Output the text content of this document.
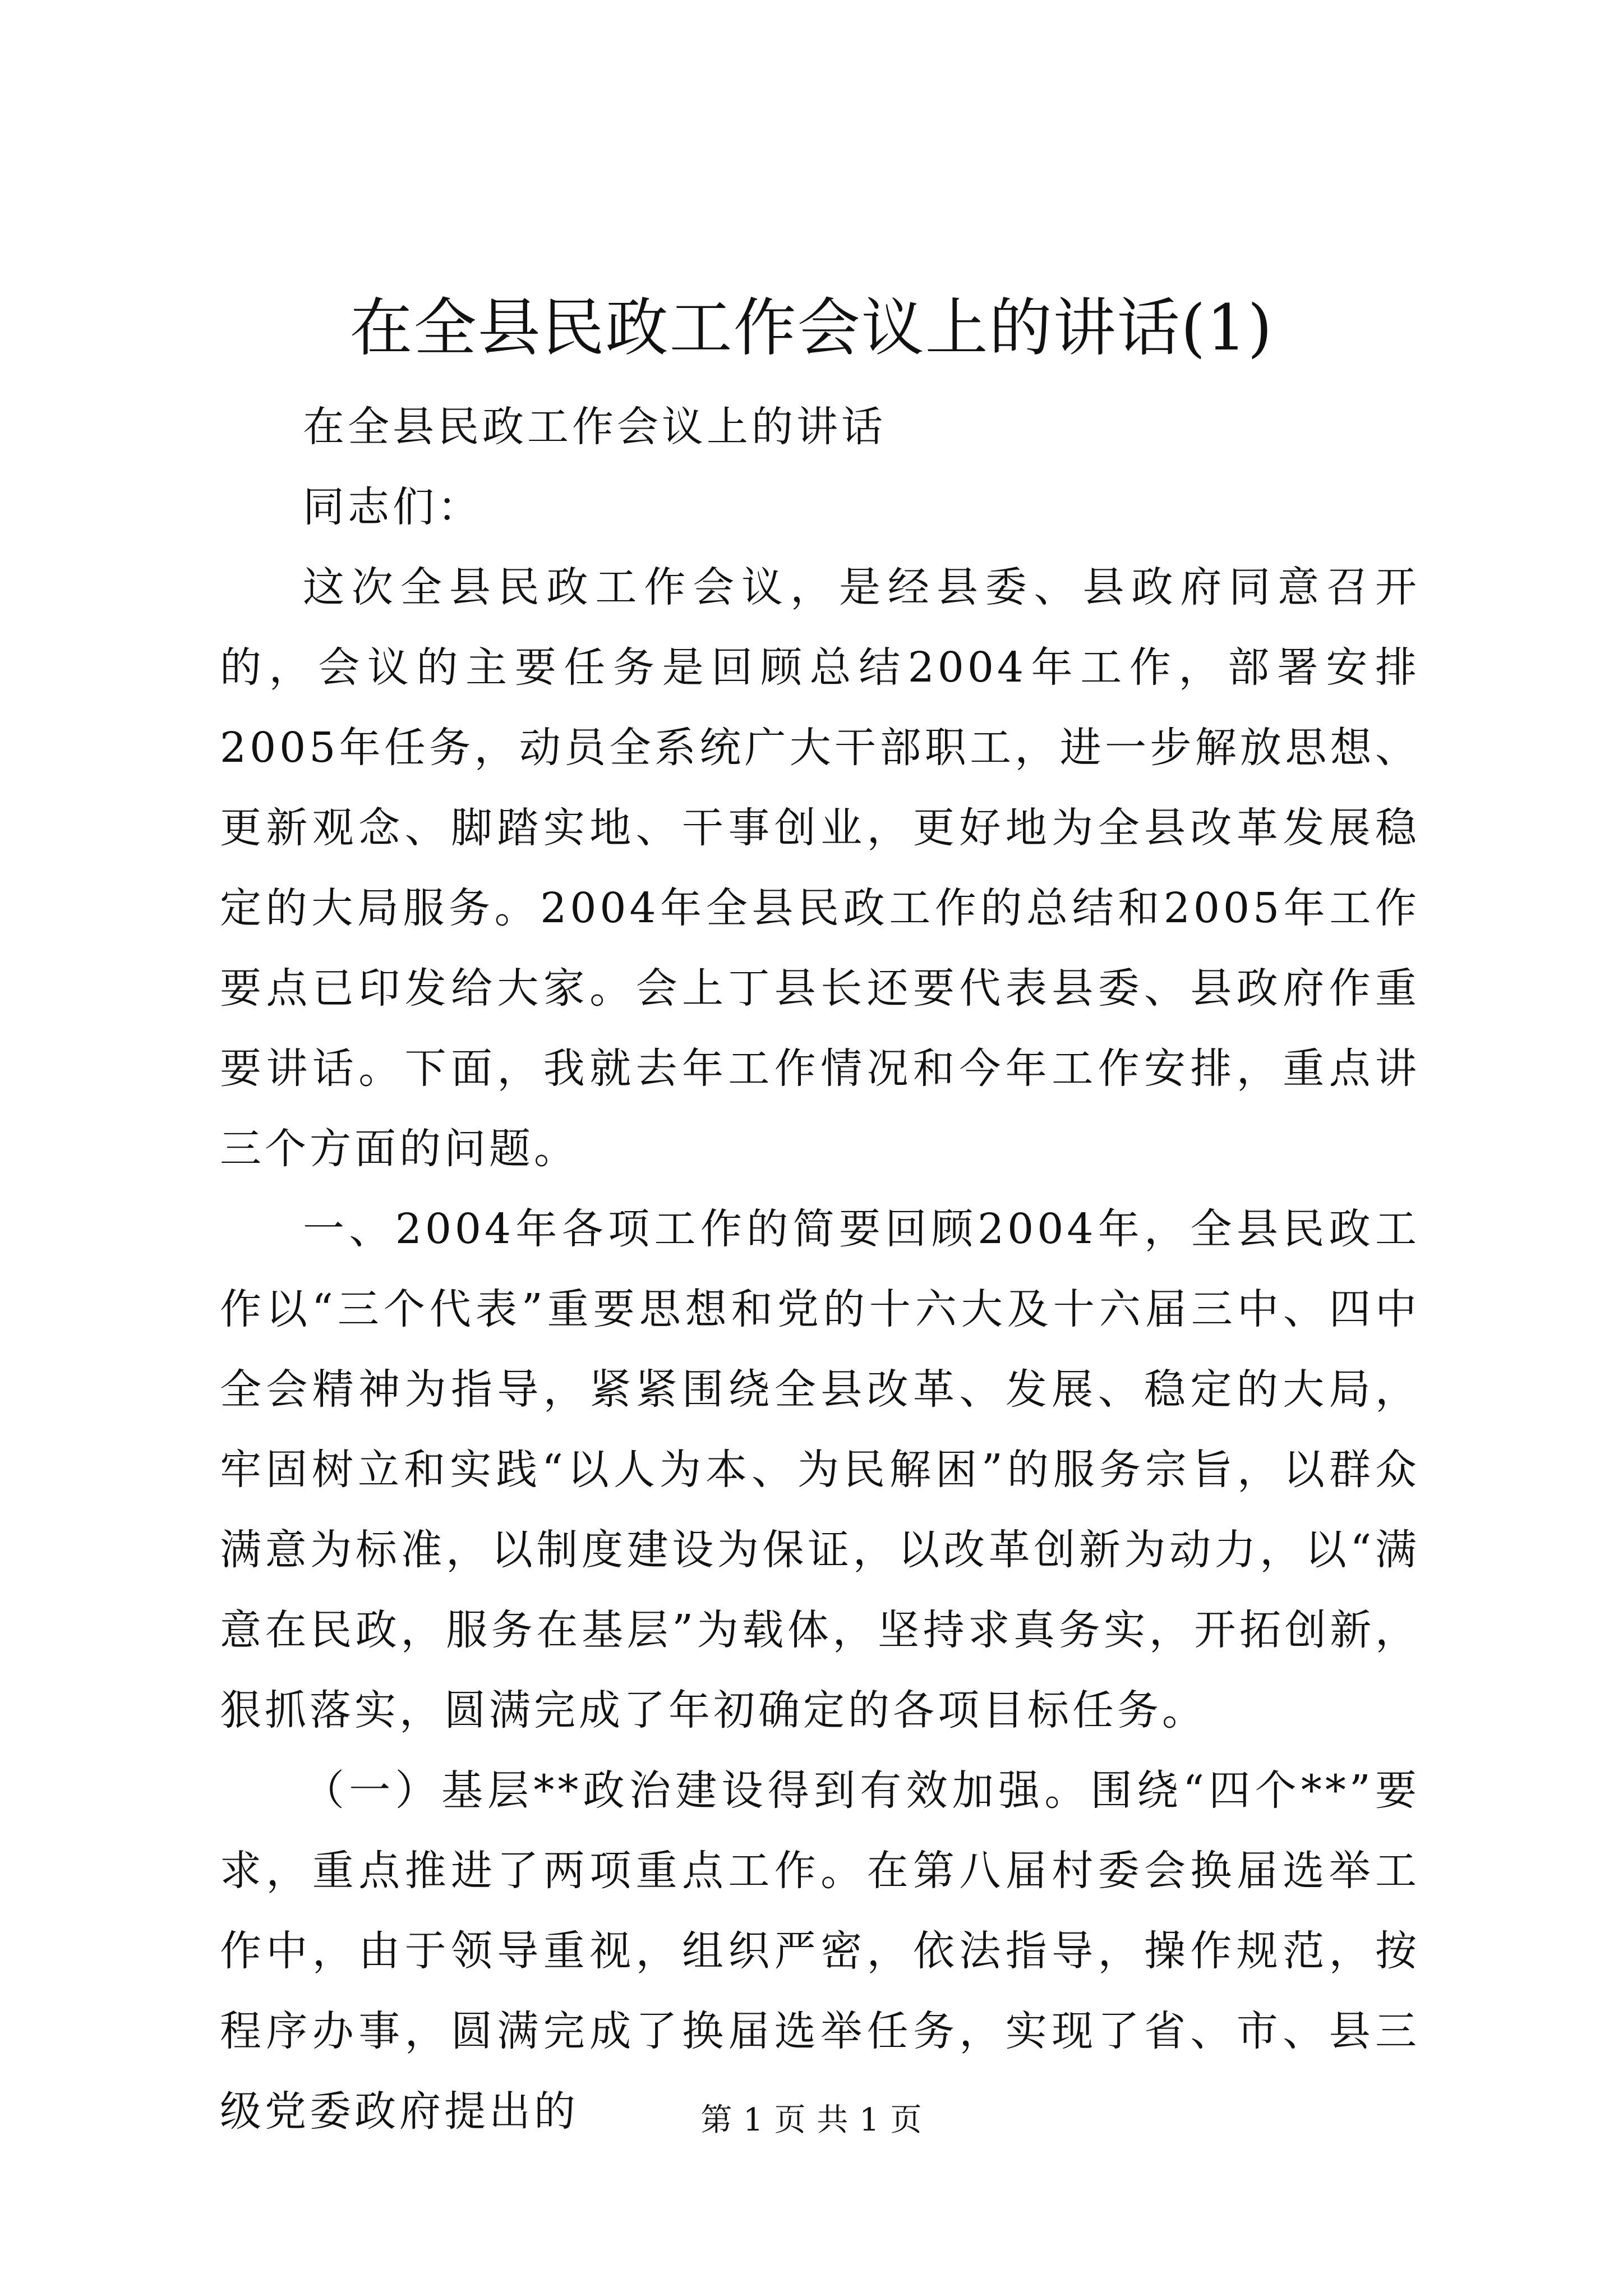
在全县民政工作会议上的讲话(1)

在全县民政工作会议上的讲话

同志们：

这次全县民政工作会议，是经县委、县政府同意召开的，会议的主要任务是回顾总结2004年工作，部署安排2005年任务，动员全系统广大干部职工，进一步解放思想、更新观念、脚踏实地、干事创业，更好地为全县改革发展稳定的大局服务。2004年全县民政工作的总结和2005年工作要点已印发给大家。会上丁县长还要代表县委、县政府作重要讲话。下面，我就去年工作情况和今年工作安排，重点讲三个方面的问题。

一、2004年各项工作的简要回顾2004年，全县民政工作以“三个代表”重要思想和党的十六大及十六届三中、四中全会精神为指导，紧紧围绕全县改革、发展、稳定的大局，牢固树立和实践“以人为本、为民解困”的服务宗旨，以群众满意为标准，以制度建设为保证，以改革创新为动力，以“满意在民政，服务在基层”为载体，坚持求真务实，开拓创新，狠抓落实，圆满完成了年初确定的各项目标任务。

（一）基层**政治建设得到有效加强。围绕“四个**”要求，重点推进了两项重点工作。在第八届村委会换届选举工作中，由于领导重视，组织严密，依法指导，操作规范，按程序办事，圆满完成了换届选举任务，实现了省、市、县三级党委政府提出的	第 1 页 共 1 页
